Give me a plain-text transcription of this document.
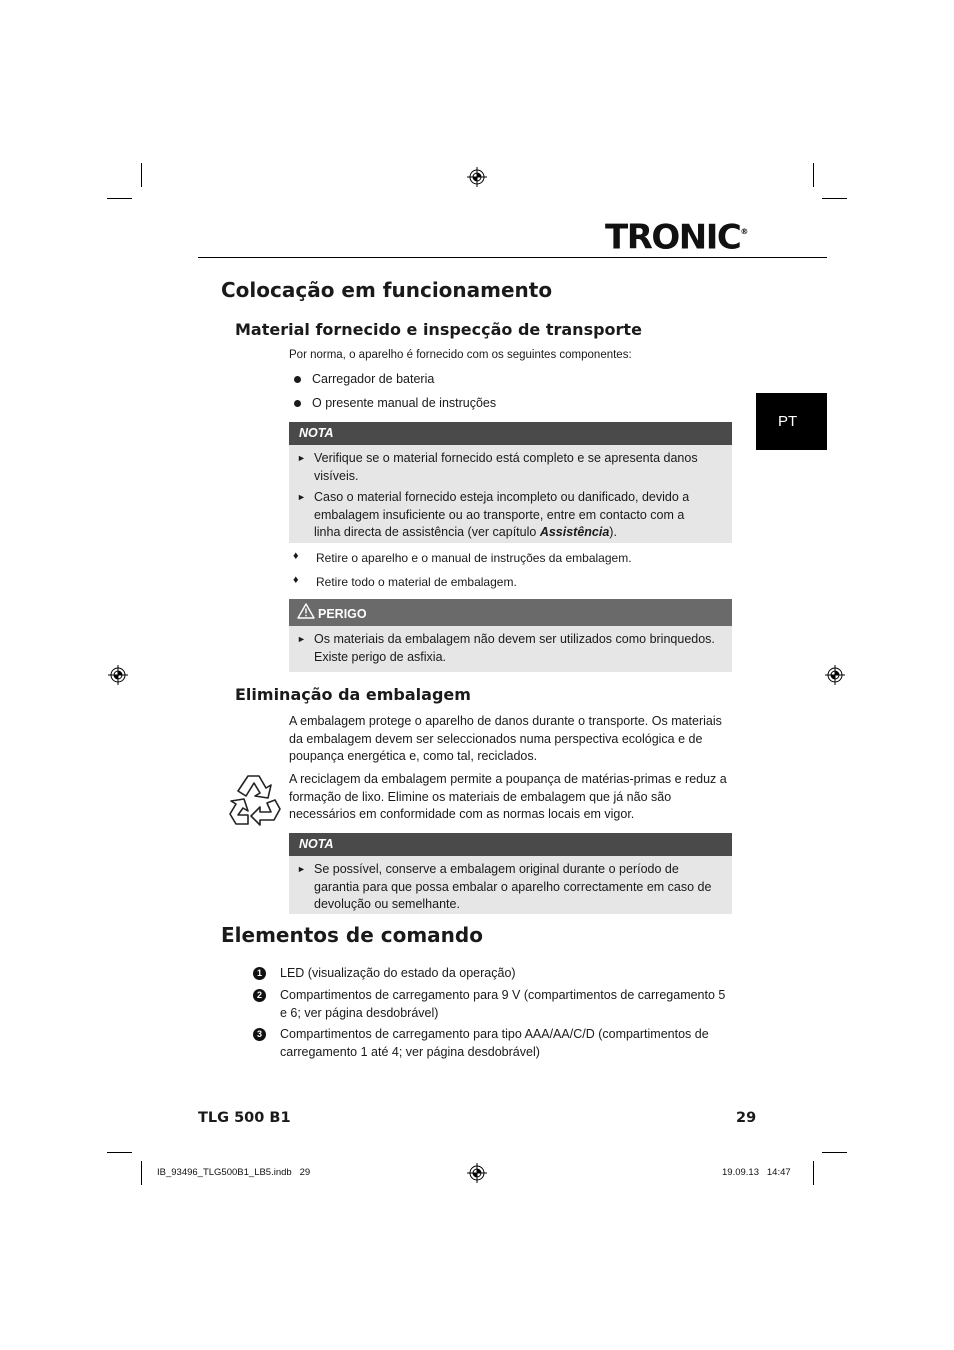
TRONIC®
PT
Colocação em funcionamento
Material fornecido e inspecção de transporte
Por norma, o aparelho é fornecido com os seguintes componentes:
Carregador de bateria
O presente manual de instruções
NOTA
► Verifique se o material fornecido está completo e se apresenta danos visíveis.
► Caso o material fornecido esteja incompleto ou danificado, devido a embalagem insuficiente ou ao transporte, entre em contacto com a linha directa de assistência (ver capítulo Assistência).
♦ Retire o aparelho e o manual de instruções da embalagem.
♦ Retire todo o material de embalagem.
PERIGO
► Os materiais da embalagem não devem ser utilizados como brinquedos. Existe perigo de asfixia.
Eliminação da embalagem
A embalagem protege o aparelho de danos durante o transporte. Os materiais da embalagem devem ser seleccionados numa perspectiva ecológica e de poupança energética e, como tal, reciclados.
A reciclagem da embalagem permite a poupança de matérias-primas e reduz a formação de lixo. Elimine os materiais de embalagem que já não são necessários em conformidade com as normas locais em vigor.
NOTA
► Se possível, conserve a embalagem original durante o período de garantia para que possa embalar o aparelho correctamente em caso de devolução ou semelhante.
Elementos de comando
1	LED (visualização do estado da operação)
2	Compartimentos de carregamento para 9 V (compartimentos de carregamento 5 e 6; ver página desdobrável)
3	Compartimentos de carregamento para tipo AAA/AA/C/D (compartimentos de carregamento 1 até 4; ver página desdobrável)
TLG 500 B1	29
IB_93496_TLG500B1_LB5.indb   29	19.09.13   14:47
